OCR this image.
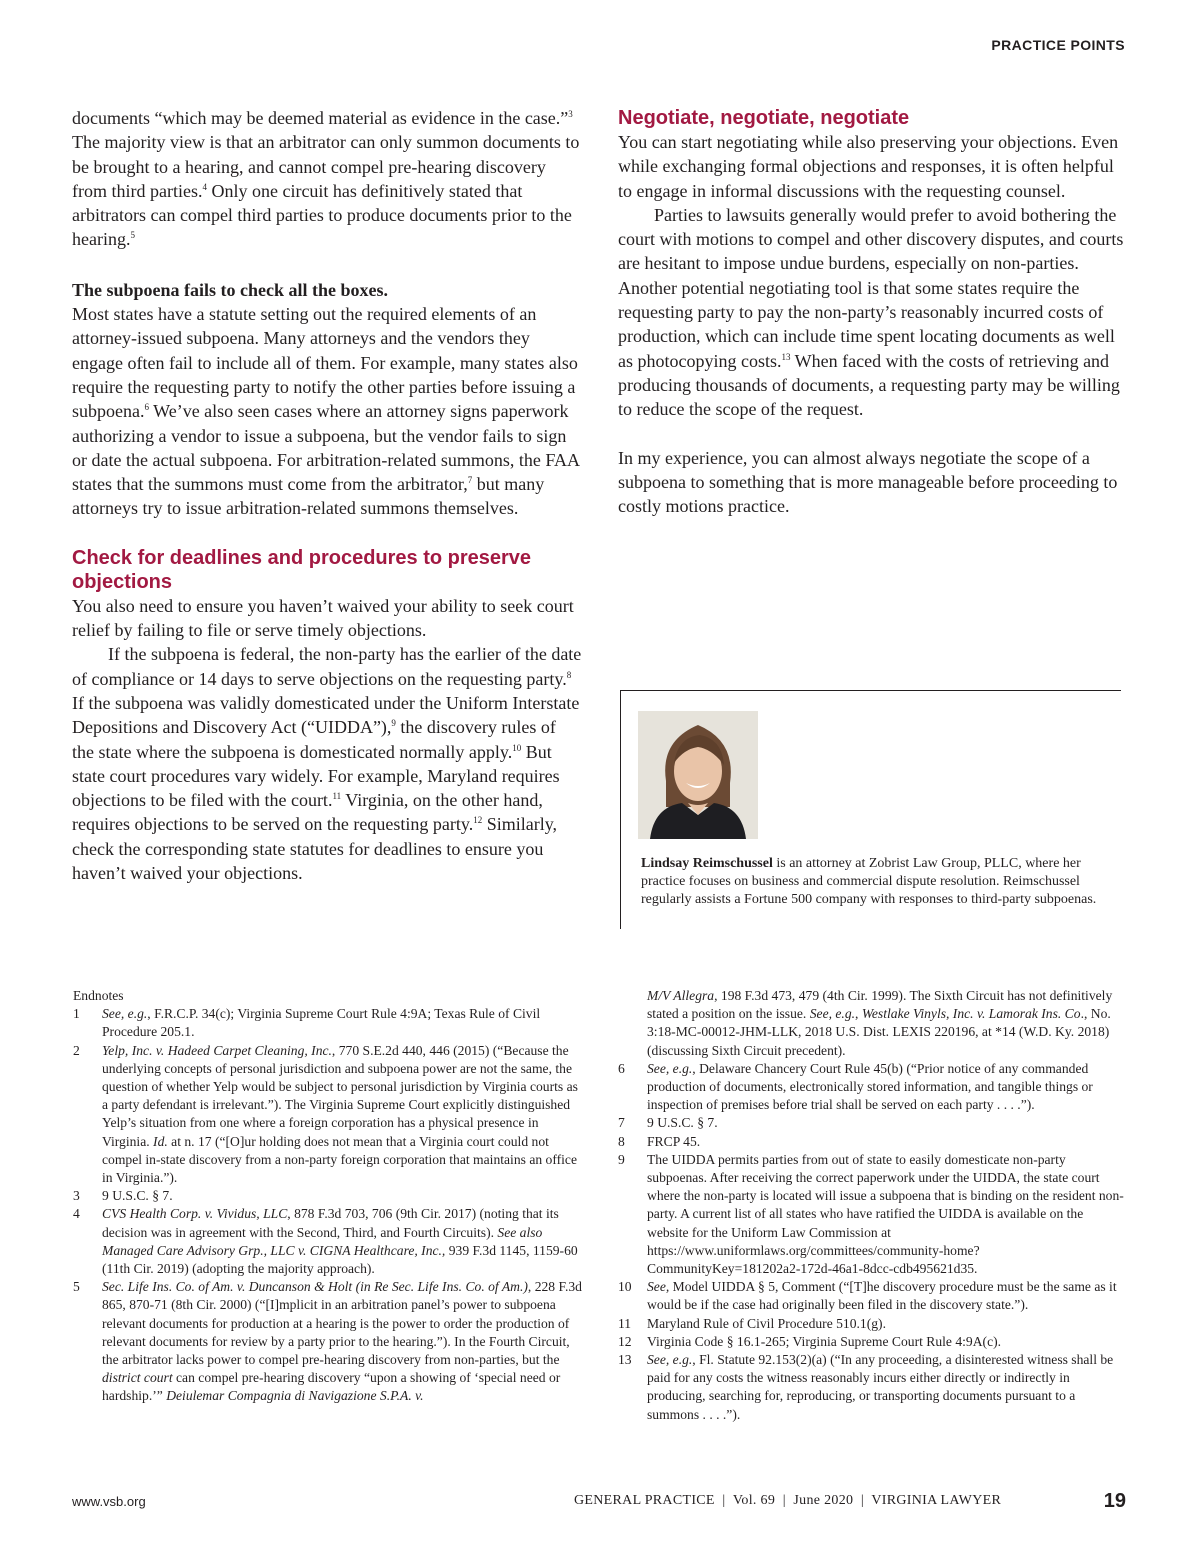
PRACTICE POINTS

documents “which may be deemed material as evidence in the case.”$^3$ The majority view is that an arbitrator can only summon documents to be brought to a hearing, and cannot compel pre-hearing discovery from third parties.$^4$ Only one circuit has definitively stated that arbitrators can compel third parties to produce documents prior to the hearing.$^5$

The subpoena fails to check all the boxes.

Most states have a statute setting out the required elements of an attorney-issued subpoena. Many attorneys and the vendors they engage often fail to include all of them. For example, many states also require the requesting party to notify the other parties before issuing a subpoena.$^6$ We’ve also seen cases where an attorney signs paperwork authorizing a vendor to issue a subpoena, but the vendor fails to sign or date the actual subpoena. For arbitration-related summons, the FAA states that the summons must come from the arbitrator,$^7$ but many attorneys try to issue arbitration-related summons themselves.

Check for deadlines and procedures to preserve objections

You also need to ensure you haven’t waived your ability to seek court relief by failing to file or serve timely objections.

If the subpoena is federal, the non-party has the earlier of the date of compliance or 14 days to serve objections on the requesting party.$^8$ If the subpoena was validly domesticated under the Uniform Interstate Depositions and Discovery Act (“UIDDA”),$^9$ the discovery rules of the state where the subpoena is domesticated normally apply.$^{10}$ But state court procedures vary widely. For example, Maryland requires objections to be filed with the court.$^{11}$ Virginia, on the other hand, requires objections to be served on the requesting party.$^{12}$ Similarly, check the corresponding state statutes for deadlines to ensure you haven’t waived your objections.

Negotiate, negotiate, negotiate

You can start negotiating while also preserving your objections. Even while exchanging formal objections and responses, it is often helpful to engage in informal discussions with the requesting counsel.

Parties to lawsuits generally would prefer to avoid bothering the court with motions to compel and other discovery disputes, and courts are hesitant to impose undue burdens, especially on non-parties. Another potential negotiating tool is that some states require the requesting party to pay the non-party’s reasonably incurred costs of production, which can include time spent locating documents as well as photocopying costs.$^{13}$ When faced with the costs of retrieving and producing thousands of documents, a requesting party may be willing to reduce the scope of the request.

In my experience, you can almost always negotiate the scope of a subpoena to something that is more manageable before proceeding to costly motions practice.

Lindsay Reimschussel is an attorney at Zobrist Law Group, PLLC, where her practice focuses on business and commercial dispute resolution. Reimschussel regularly assists a Fortune 500 company with responses to third-party subpoenas.
Endnotes
1 See, e.g., F.R.C.P. 34(c); Virginia Supreme Court Rule 4:9A; Texas Rule of Civil Procedure 205.1.
2 Yelp, Inc. v. Hadeed Carpet Cleaning, Inc., 770 S.E.2d 440, 446 (2015) (“Because the underlying concepts of personal jurisdiction and subpoena power are not the same, the question of whether Yelp would be subject to personal jurisdiction by Virginia courts as a party defendant is irrelevant.”). The Virginia Supreme Court explicitly distinguished Yelp’s situation from one where a foreign corporation has a physical presence in Virginia. Id. at n. 17 (“[O]ur holding does not mean that a Virginia court could not compel in-state discovery from a non-party foreign corporation that maintains an office in Virginia.”).
3 9 U.S.C. § 7.
4 CVS Health Corp. v. Vividus, LLC, 878 F.3d 703, 706 (9th Cir. 2017) (noting that its decision was in agreement with the Second, Third, and Fourth Circuits). See also Managed Care Advisory Grp., LLC v. CIGNA Healthcare, Inc., 939 F.3d 1145, 1159-60 (11th Cir. 2019) (adopting the majority approach).
5 Sec. Life Ins. Co. of Am. v. Duncanson & Holt (in Re Sec. Life Ins. Co. of Am.), 228 F.3d 865, 870-71 (8th Cir. 2000) (“[I]mplicit in an arbitration panel’s power to subpoena relevant documents for production at a hearing is the power to order the production of relevant documents for review by a party prior to the hearing.”). In the Fourth Circuit, the arbitrator lacks power to compel pre-hearing discovery from non-parties, but the district court can compel pre-hearing discovery “upon a showing of ‘special need or hardship.’” Deiulemar Compagnia di Navigazione S.P.A. v.
M/V Allegra, 198 F.3d 473, 479 (4th Cir. 1999). The Sixth Circuit has not definitively stated a position on the issue. See, e.g., Westlake Vinyls, Inc. v. Lamorak Ins. Co., No. 3:18-MC-00012-JHM-LLK, 2018 U.S. Dist. LEXIS 220196, at *14 (W.D. Ky. 2018) (discussing Sixth Circuit precedent).
6 See, e.g., Delaware Chancery Court Rule 45(b) (“Prior notice of any commanded production of documents, electronically stored information, and tangible things or inspection of premises before trial shall be served on each party . . . .”).
7 9 U.S.C. § 7.
8 FRCP 45.
9 The UIDDA permits parties from out of state to easily domesticate non-party subpoenas. After receiving the correct paperwork under the UIDDA, the state court where the non-party is located will issue a subpoena that is binding on the resident non-party. A current list of all states who have ratified the UIDDA is available on the website for the Uniform Law Commission at https://www.uniformlaws.org/committees/community-home?CommunityKey=181202a2-172d-46a1-8dcc-cdb495621d35.
10 See, Model UIDDA § 5, Comment (“[T]he discovery procedure must be the same as it would be if the case had originally been filed in the discovery state.”).
11 Maryland Rule of Civil Procedure 510.1(g).
12 Virginia Code § 16.1-265; Virginia Supreme Court Rule 4:9A(c).
13 See, e.g., Fl. Statute 92.153(2)(a) (“In any proceeding, a disinterested witness shall be paid for any costs the witness reasonably incurs either directly or indirectly in producing, searching for, reproducing, or transporting documents pursuant to a summons . . . .”).
www.vsb.org	GENERAL PRACTICE  |  Vol. 69  |  June 2020  |  VIRGINIA LAWYER	19
